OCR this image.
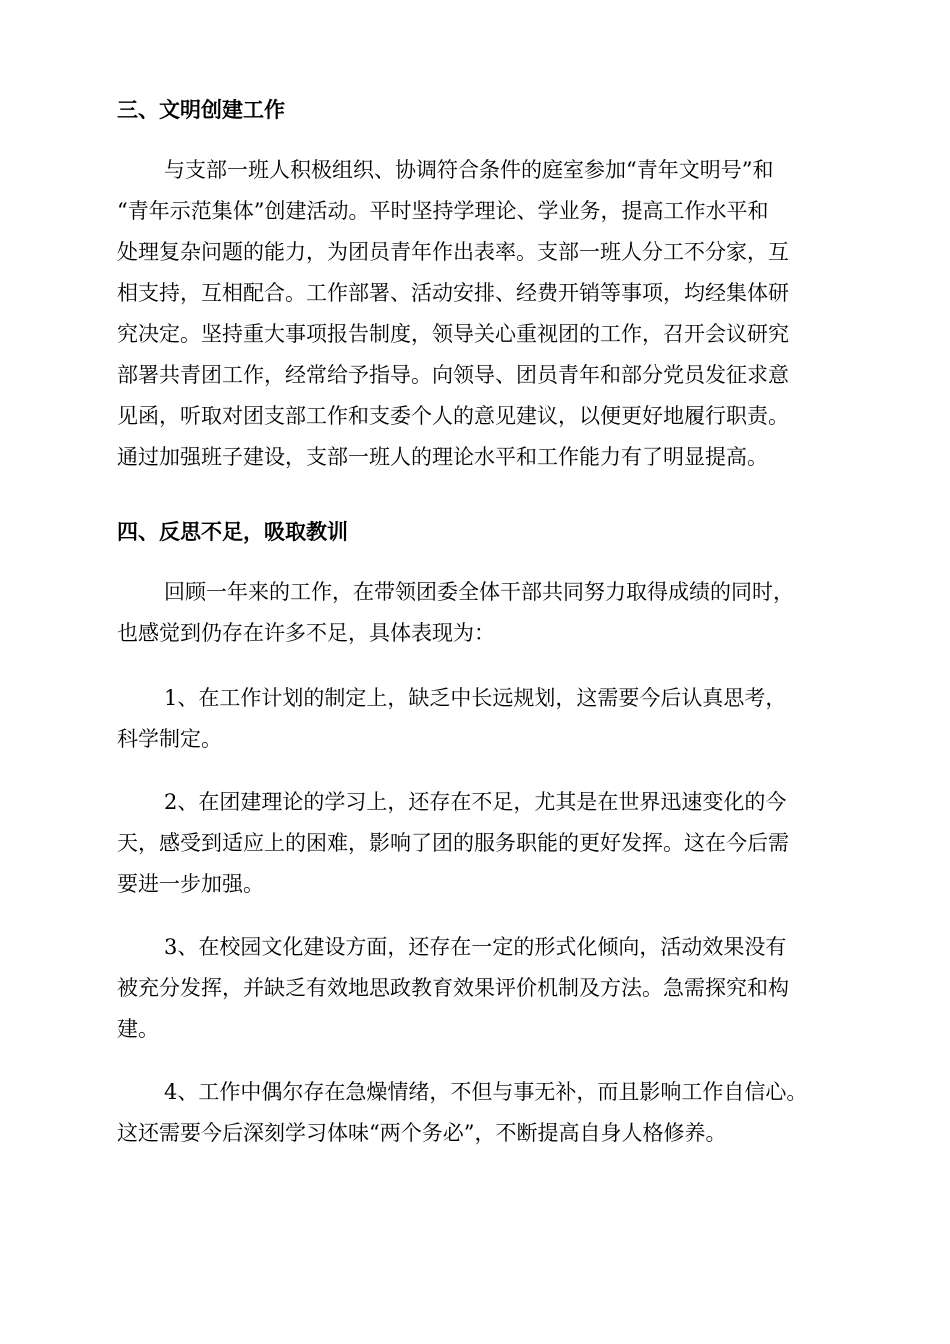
三、文明创建工作
与支部一班人积极组织、协调符合条件的庭室参加“青年文明号”和
“青年示范集体”创建活动。平时坚持学理论、学业务，提高工作水平和
处理复杂问题的能力，为团员青年作出表率。支部一班人分工不分家，互
相支持，互相配合。工作部署、活动安排、经费开销等事项，均经集体研
究决定。坚持重大事项报告制度，领导关心重视团的工作，召开会议研究
部署共青团工作，经常给予指导。向领导、团员青年和部分党员发征求意
见函，听取对团支部工作和支委个人的意见建议，以便更好地履行职责。
通过加强班子建设，支部一班人的理论水平和工作能力有了明显提高。
四、反思不足，吸取教训
回顾一年来的工作，在带领团委全体干部共同努力取得成绩的同时，
也感觉到仍存在许多不足，具体表现为：
1、在工作计划的制定上，缺乏中长远规划，这需要今后认真思考，
科学制定。
2、在团建理论的学习上，还存在不足，尤其是在世界迅速变化的今
天，感受到适应上的困难，影响了团的服务职能的更好发挥。这在今后需
要进一步加强。
3、在校园文化建设方面，还存在一定的形式化倾向，活动效果没有
被充分发挥，并缺乏有效地思政教育效果评价机制及方法。急需探究和构
建。
4、工作中偶尔存在急燥情绪，不但与事无补，而且影响工作自信心。
这还需要今后深刻学习体味“两个务必”，不断提高自身人格修养。
